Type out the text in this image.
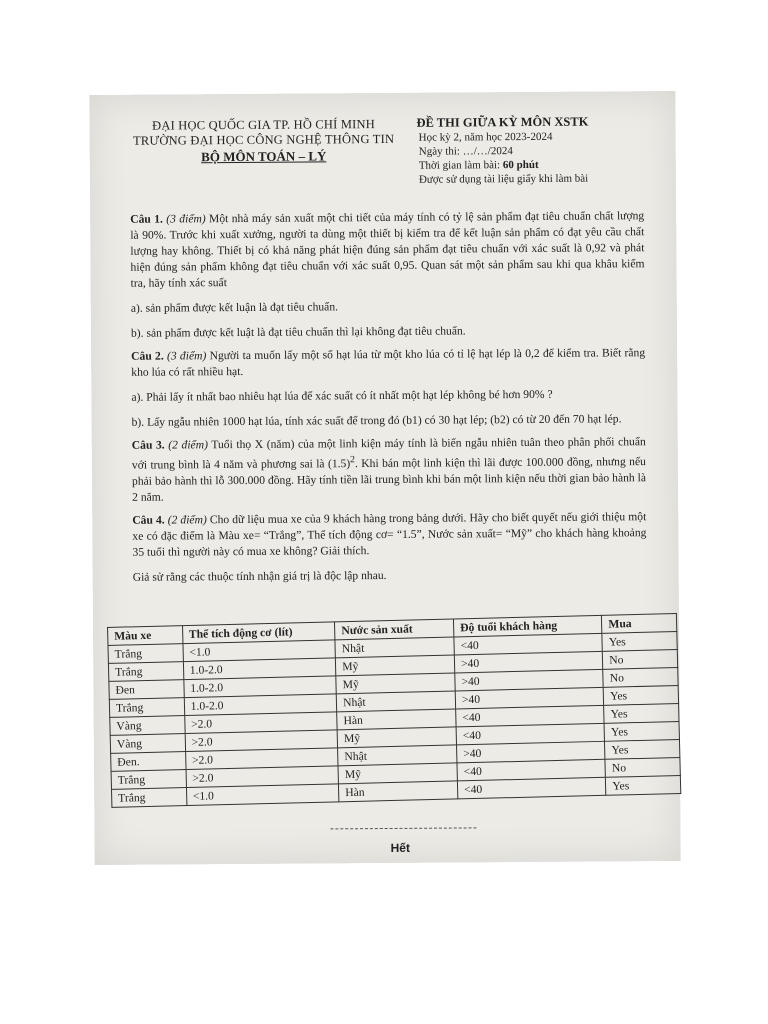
ĐẠI HỌC QUỐC GIA TP. HỒ CHÍ MINH
TRƯỜNG ĐẠI HỌC CÔNG NGHỆ THÔNG TIN
BỘ MÔN TOÁN – LÝ
ĐỀ THI GIỮA KỲ MÔN XSTK
Học kỳ 2, năm học 2023-2024
Ngày thi: …/…/2024
Thời gian làm bài: 60 phút
Được sử dụng tài liệu giấy khi làm bài

Câu 1. (3 điểm) Một nhà máy sản xuất một chi tiết của máy tính có tỷ lệ sản phẩm đạt tiêu chuẩn chất lượng là 90%. Trước khi xuất xưởng, người ta dùng một thiết bị kiểm tra để kết luận sản phẩm có đạt yêu cầu chất lượng hay không. Thiết bị có khả năng phát hiện đúng sản phẩm đạt tiêu chuẩn với xác suất là 0,92 và phát hiện đúng sản phẩm không đạt tiêu chuẩn với xác suất 0,95. Quan sát một sản phẩm sau khi qua khâu kiểm tra, hãy tính xác suất

a). sản phẩm được kết luận là đạt tiêu chuẩn.

b). sản phẩm được kết luật là đạt tiêu chuẩn thì lại không đạt tiêu chuẩn.

Câu 2. (3 điểm) Người ta muốn lấy một số hạt lúa từ một kho lúa có tỉ lệ hạt lép là 0,2 để kiểm tra. Biết rằng kho lúa có rất nhiều hạt.

a). Phải lấy ít nhất bao nhiêu hạt lúa để xác suất có ít nhất một hạt lép không bé hơn 90% ?

b). Lấy ngẫu nhiên 1000 hạt lúa, tính xác suất để trong đó (b1) có 30 hạt lép; (b2) có từ 20 đến 70 hạt lép.

Câu 3. (2 điểm) Tuổi thọ X (năm) của một linh kiện máy tính là biến ngẫu nhiên tuân theo phân phối chuẩn với trung bình là 4 năm và phương sai là $(1.5)^2$. Khi bán một linh kiện thì lãi được 100.000 đồng, nhưng nếu phải bảo hành thì lỗ 300.000 đồng. Hãy tính tiền lãi trung bình khi bán một linh kiện nếu thời gian bảo hành là 2 năm.

Câu 4. (2 điểm) Cho dữ liệu mua xe của 9 khách hàng trong bảng dưới. Hãy cho biết quyết nếu giới thiệu một xe có đặc điểm là Màu xe= “Trắng”, Thể tích động cơ= “1.5”, Nước sản xuất= “Mỹ” cho khách hàng khoảng 35 tuổi thì người này có mua xe không? Giải thích.

Giả sử rằng các thuộc tính nhận giá trị là độc lập nhau.

Màu xe	Thể tích động cơ (lít)	Nước sản xuất	Độ tuổi khách hàng	Mua
Trắng	<1.0	Nhật	<40	Yes
Trắng	1.0-2.0	Mỹ	>40	No
Đen	1.0-2.0	Mỹ	>40	No
Trắng	1.0-2.0	Nhật	>40	Yes
Vàng	>2.0	Hàn	<40	Yes
Vàng	>2.0	Mỹ	<40	Yes
Đen.	>2.0	Nhật	>40	Yes
Trắng	>2.0	Mỹ	<40	No
Trắng	<1.0	Hàn	<40	Yes
Hết
